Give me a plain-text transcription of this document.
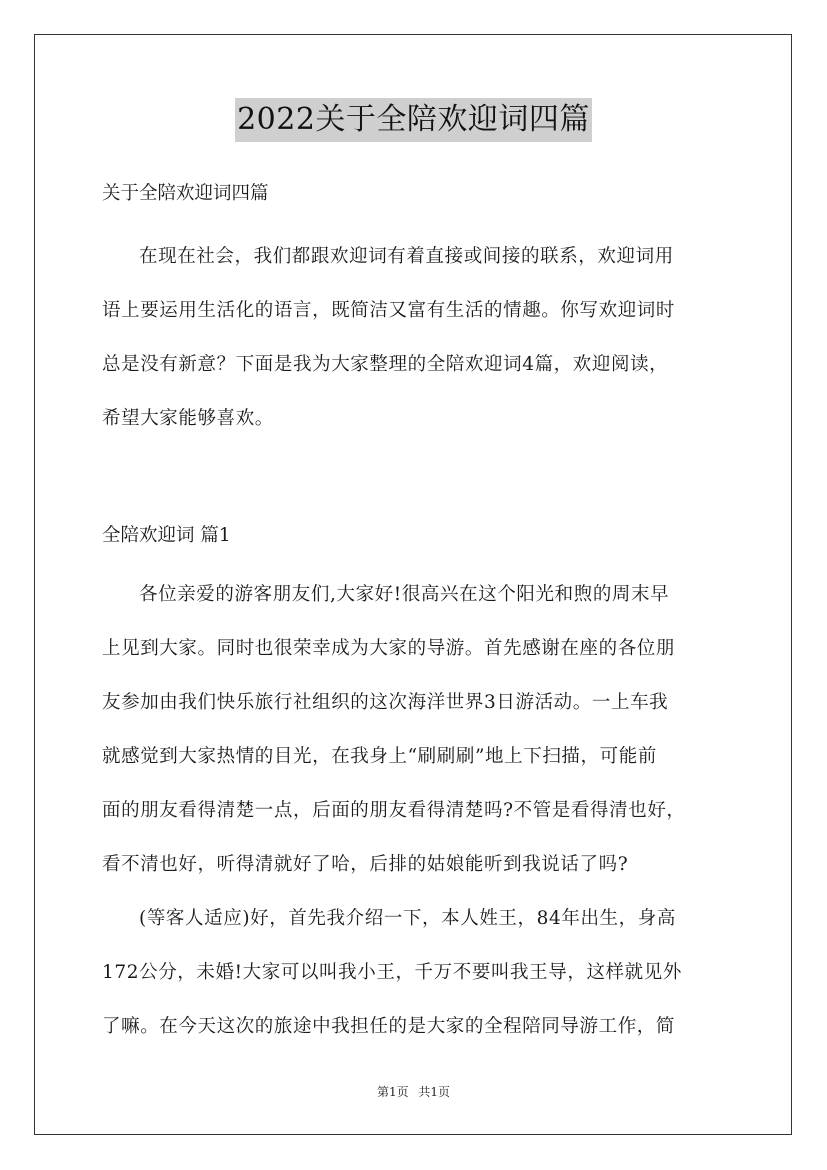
2022关于全陪欢迎词四篇

关于全陪欢迎词四篇

在现在社会，我们都跟欢迎词有着直接或间接的联系，欢迎词用
语上要运用生活化的语言，既简洁又富有生活的情趣。你写欢迎词时
总是没有新意？下面是我为大家整理的全陪欢迎词4篇，欢迎阅读，
希望大家能够喜欢。

全陪欢迎词 篇1

各位亲爱的游客朋友们,大家好!很高兴在这个阳光和煦的周末早
上见到大家。同时也很荣幸成为大家的导游。首先感谢在座的各位朋
友参加由我们快乐旅行社组织的这次海洋世界3日游活动。一上车我
就感觉到大家热情的目光，在我身上“刷刷刷”地上下扫描，可能前
面的朋友看得清楚一点，后面的朋友看得清楚吗?不管是看得清也好，
看不清也好，听得清就好了哈，后排的姑娘能听到我说话了吗?

(等客人适应)好，首先我介绍一下，本人姓王，84年出生，身高
172公分，未婚!大家可以叫我小王，千万不要叫我王导，这样就见外
了嘛。在今天这次的旅途中我担任的是大家的全程陪同导游工作，简

第1页 共1页
